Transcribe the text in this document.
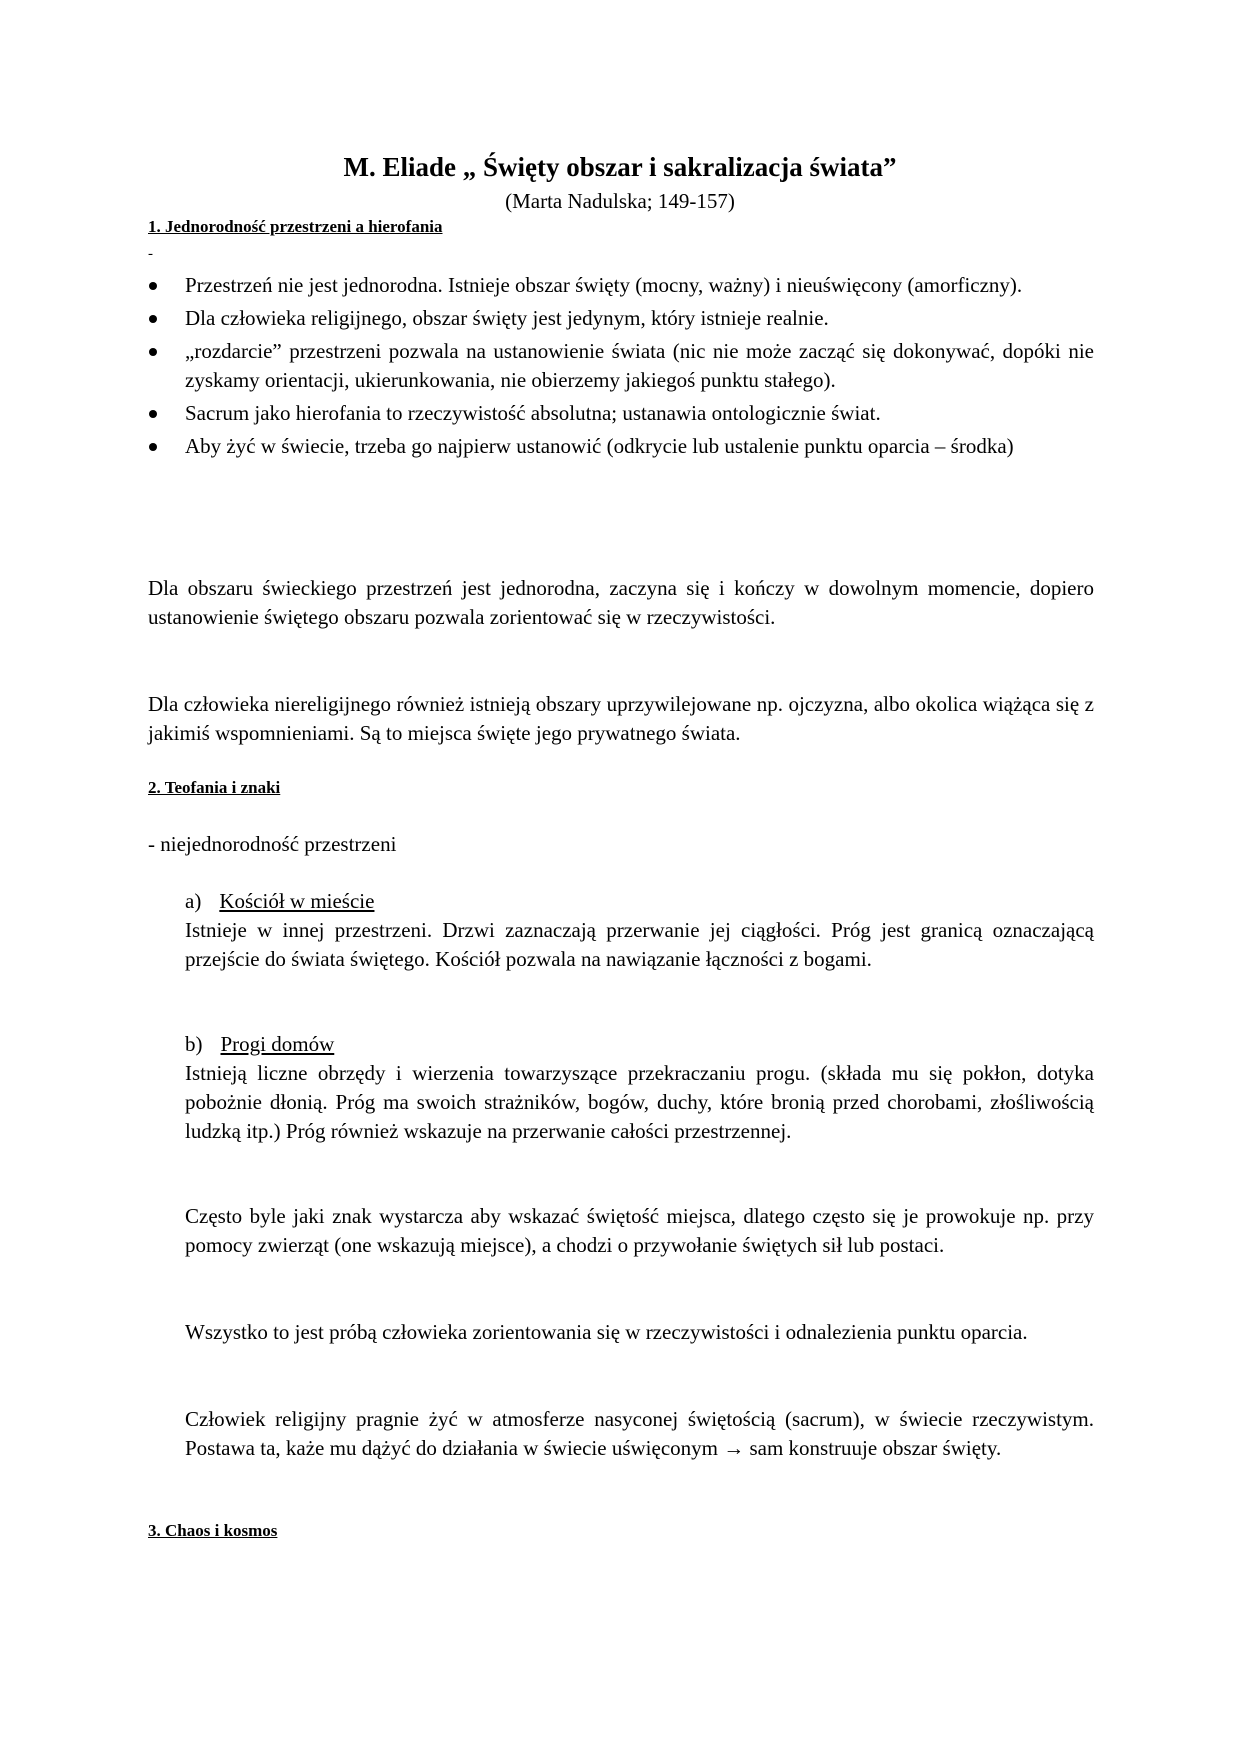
M. Eliade „ Święty obszar i sakralizacja świata”
(Marta Nadulska; 149-157)
1. Jednorodność przestrzeni a hierofania
-
Przestrzeń nie jest jednorodna. Istnieje obszar święty (mocny, ważny) i nieuświęcony (amorficzny).
Dla człowieka religijnego, obszar święty jest jedynym, który istnieje realnie.
„rozdarcie” przestrzeni pozwala na ustanowienie świata (nic nie może zacząć się dokonywać, dopóki nie zyskamy orientacji, ukierunkowania, nie obierzemy jakiegoś punktu stałego).
Sacrum jako hierofania to rzeczywistość absolutna; ustanawia ontologicznie świat.
Aby żyć w świecie, trzeba go najpierw ustanowić (odkrycie lub ustalenie punktu oparcia – środka)

Dla obszaru świeckiego przestrzeń jest jednorodna, zaczyna się i kończy w dowolnym momencie, dopiero ustanowienie świętego obszaru pozwala zorientować się w rzeczywistości.

Dla człowieka niereligijnego również istnieją obszary uprzywilejowane np. ojczyzna, albo okolica wiążąca się z jakimiś wspomnieniami. Są to miejsca święte jego prywatnego świata.

2. Teofania i znaki

- niejednorodność przestrzeni

a) Kościół w mieście

Istnieje w innej przestrzeni. Drzwi zaznaczają przerwanie jej ciągłości. Próg jest granicą oznaczającą przejście do świata świętego. Kościół pozwala na nawiązanie łączności z bogami.

b) Progi domów

Istnieją liczne obrzędy i wierzenia towarzyszące przekraczaniu progu. (składa mu się pokłon, dotyka pobożnie dłonią. Próg ma swoich strażników, bogów, duchy, które bronią przed chorobami, złośliwością ludzką itp.) Próg również wskazuje na przerwanie całości przestrzennej.

Często byle jaki znak wystarcza aby wskazać świętość miejsca, dlatego często się je prowokuje np. przy pomocy zwierząt (one wskazują miejsce), a chodzi o przywołanie świętych sił lub postaci.

Wszystko to jest próbą człowieka zorientowania się w rzeczywistości i odnalezienia punktu oparcia.

Człowiek religijny pragnie żyć w atmosferze nasyconej świętością (sacrum), w świecie rzeczywistym. Postawa ta, każe mu dążyć do działania w świecie uświęconym → sam konstruuje obszar święty.

3. Chaos i kosmos
